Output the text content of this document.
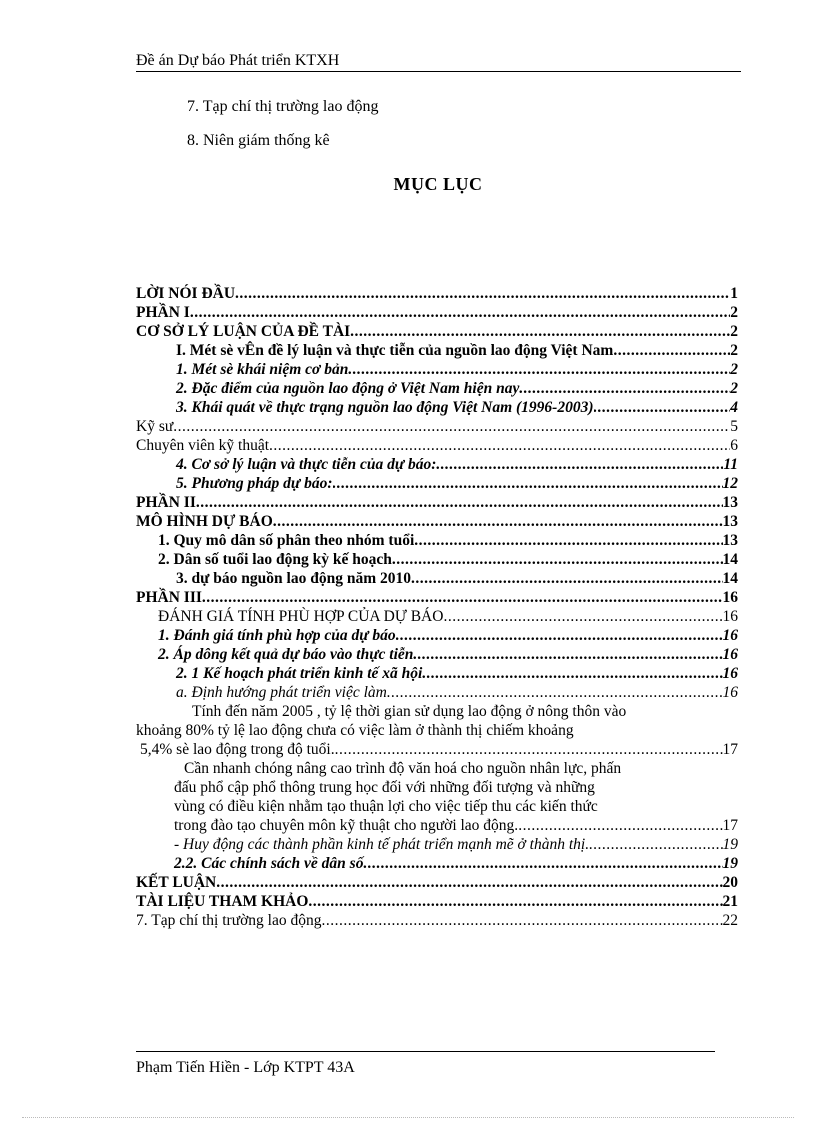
Đề án Dự báo Phát triển KTXH
7. Tạp chí thị trường lao động
8. Niên giám thống kê
MỤC LỤC
LỜI NÓI ĐẦU .....	1
PHẦN I .....	2
CƠ SỞ LÝ LUẬN CỦA ĐỀ TÀI .....	2
I. Mét sè vÊn đề lý luận và thực tiễn của nguồn lao động Việt Nam .....	2
1. Mét sè khái niệm cơ bản .....	2
2. Đặc điểm của nguồn lao động ở Việt Nam hiện nay .....	2
3. Khái quát về thực trạng nguồn lao động Việt Nam (1996-2003) .....	4
Kỹ sư .....	5
Chuyên viên kỹ thuật .....	6
4. Cơ sở lý luận và thực tiễn của dự báo: .....	11
5. Phương pháp dự báo: .....	12
PHẦN II .....	13
MÔ HÌNH DỰ BÁO .....	13
1. Quy mô dân số phân theo nhóm tuổi .....	13
2. Dân số tuổi lao động kỳ kế hoạch .....	14
3. dự báo nguồn lao động năm 2010 .....	14
PHẦN III .....	16
ĐÁNH GIÁ TÍNH PHÙ HỢP CỦA DỰ BÁO .....	16
1. Đánh giá tính phù hợp của dự báo .....	16
2. Áp dông kết quả dự báo vào thực tiễn .....	16
2. 1 Kế hoạch phát triển kinh tế xã hội .....	16
a. Định hướng phát triển việc làm .....	16
Tính đến năm 2005 , tỷ lệ thời gian sử dụng lao động ở nông thôn vào
khoảng 80% tỷ lệ lao động chưa có việc làm ở thành thị chiếm khoảng
5,4% sè lao động trong độ tuổi. .....	17
Cần nhanh chóng nâng cao trình độ văn hoá cho nguồn nhân lực, phấn
đấu phổ cập phổ thông trung học đối với những đối tượng và những
vùng có điều kiện nhằm tạo thuận lợi cho việc tiếp thu các kiến thức
trong đào tạo chuyên môn kỹ thuật cho người lao động. .....	17
- Huy động các thành phần kinh tế phát triển mạnh mẽ ở thành thị. .....	19
2.2. Các chính sách về dân số .....	19
KẾT LUẬN .....	20
TÀI LIỆU THAM KHẢO .....	21
7. Tạp chí thị trường lao động .....	22
Phạm Tiến Hiền - Lớp KTPT 43A
